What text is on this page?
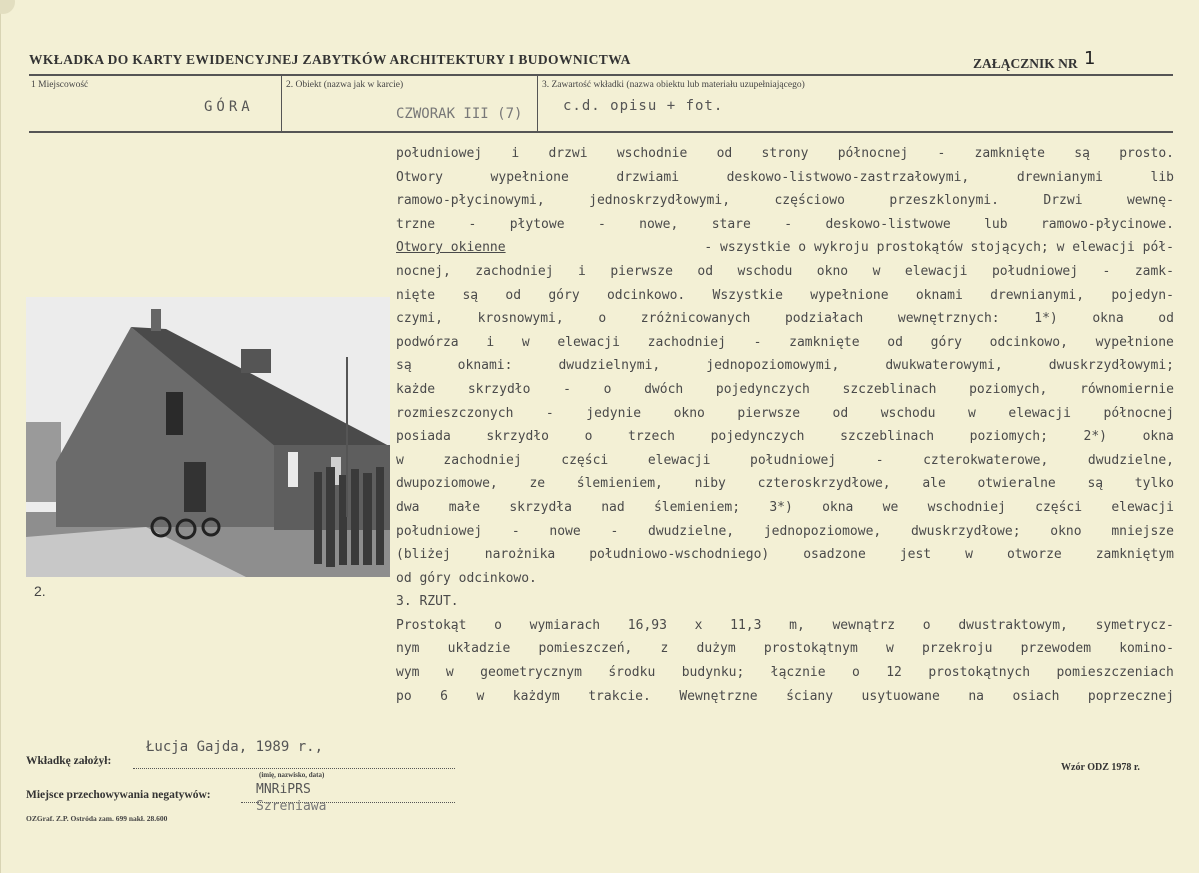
WKŁADKA DO KARTY EWIDENCYJNEJ ZABYTKÓW ARCHITEKTURY I BUDOWNICTWA	ZAŁĄCZNIK NR 1
1 Miejscowość	2. Obiekt (nazwa jak w karcie)	3. Zawartość wkładki (nazwa obiektu lub materiału uzupełniającego)
GÓRA	CZWORAK III (7)	c.d. opisu + fot.
południowej i drzwi wschodnie od strony północnej - zamknięte są prosto.
Otwory	wypełnione	drzwiami	deskowo-listwowo-zastrzałowymi,	drewnianymi	lib
ramowo-płycinowymi,	jednoskrzydłowymi,	częściowo	przeszklonymi.	Drzwi	wewnę-
trzne	-	płytowe	-	nowe,	stare	-	deskowo-listwowe	lub	ramowo-płycinowe.
Otwory okienne	- wszystkie o wykroju prostokątów stojących; w elewacji pół-
nocnej, zachodniej i pierwsze od wschodu okno w elewacji południowej - zamk-
nięte są od góry odcinkowo. Wszystkie wypełnione oknami drewnianymi, pojedyn-
czymi,	krosnowymi,	o	zróżnicowanych	podziałach	wewnętrznych:	1*)	okna	od
podwórza i w elewacji zachodniej - zamknięte od góry odcinkowo, wypełnione
są	oknami:	dwudzielnymi,	jednopoziomowymi,	dwukwaterowymi,	dwuskrzydłowymi;
każde	skrzydło	-	o	dwóch	pojedynczych	szczeblinach	poziomych,	równomiernie
rozmieszczonych	-	jedynie	okno	pierwsze	od	wschodu	w	elewacji	północnej
posiada	skrzydło	o	trzech	pojedynczych	szczeblinach	poziomych;	2*)	okna
w	zachodniej	części	elewacji	południowej	-	czterokwaterowe,	dwudzielne,
dwupoziomowe, ze ślemieniem, niby czteroskrzydłowe, ale otwieralne są tylko
dwa małe skrzydła nad ślemieniem; 3*) okna we wschodniej części elewacji
południowej - nowe - dwudzielne, jednopoziomowe, dwuskrzydłowe; okno mniejsze
(bliżej	narożnika	południowo-wschodniego)	osadzone	jest	w	otworze	zamkniętym
od góry odcinkowo.
3. RZUT.
Prostokąt o wymiarach 16,93 x 11,3 m, wewnątrz o dwustraktowym, symetrycz-
nym układzie pomieszczeń, z dużym prostokątnym w przekroju przewodem komino-
wym w geometrycznym środku budynku; łącznie o 12 prostokątnych pomieszczeniach
po 6 w każdym trakcie. Wewnętrzne ściany usytuowane na osiach poprzecznej
2.
Wkładkę założył:
Łucja Gajda, 1989 r.,
(imię, nazwisko, data)
Miejsce przechowywania negatywów:	MNRiPRS
Szreniawa
Wzór ODZ 1978 r.
OZGraf. Z.P. Ostróda zam. 699 nakł. 28.600
